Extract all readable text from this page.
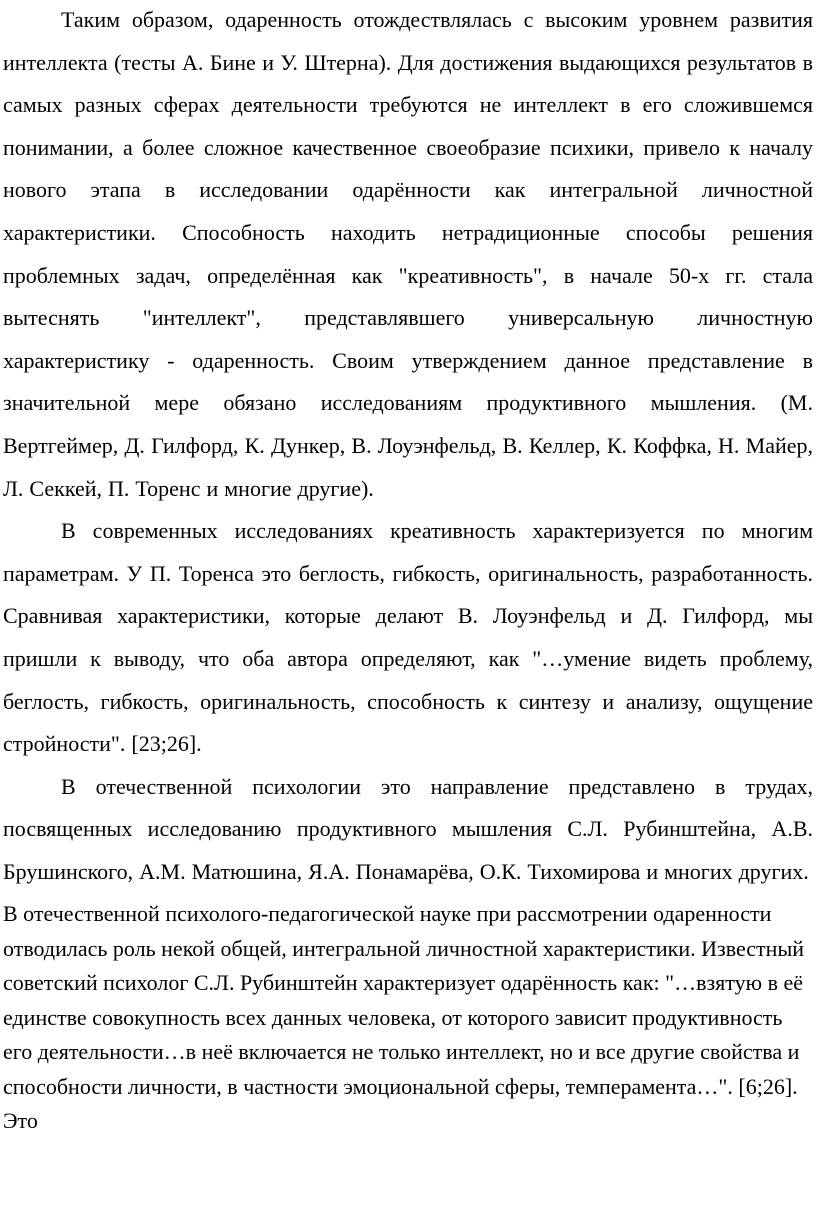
Таким образом, одаренность отождествлялась с высоким уровнем развития интеллекта (тесты А. Бине и У. Штерна). Для достижения выдающихся результатов в самых разных сферах деятельности требуются не интеллект в его сложившемся понимании, а более сложное качественное своеобразие психики, привело к началу нового этапа в исследовании одарённости как интегральной личностной характеристики. Способность находить нетрадиционные способы решения проблемных задач, определённая как "креативность", в начале 50-х гг. стала вытеснять "интеллект", представлявшего универсальную личностную характеристику - одаренность. Своим утверждением данное представление в значительной мере обязано исследованиям продуктивного мышления. (М. Вертгеймер, Д. Гилфорд, К. Дункер, В. Лоуэнфельд, В. Келлер, К. Коффка, Н. Майер, Л. Секкей, П. Торенс и многие другие).

В современных исследованиях креативность характеризуется по многим параметрам. У П. Торенса это беглость, гибкость, оригинальность, разработанность. Сравнивая характеристики, которые делают В. Лоуэнфельд и Д. Гилфорд, мы пришли к выводу, что оба автора определяют, как "…умение видеть проблему, беглость, гибкость, оригинальность, способность к синтезу и анализу, ощущение стройности". [23;26].

В отечественной психологии это направление представлено в трудах, посвященных исследованию продуктивного мышления С.Л. Рубинштейна, А.В. Брушинского, А.М. Матюшина, Я.А. Понамарёва, О.К. Тихомирова и многих других.

В отечественной психолого-педагогической науке при рассмотрении одаренности отводилась роль некой общей, интегральной личностной характеристики. Известный советский психолог С.Л. Рубинштейн характеризует одарённость как: "…взятую в её единстве совокупность всех данных человека, от которого зависит продуктивность его деятельности…в неё включается не только интеллект, но и все другие свойства и способности личности, в частности эмоциональной сферы, темперамента…". [6;26]. Это
